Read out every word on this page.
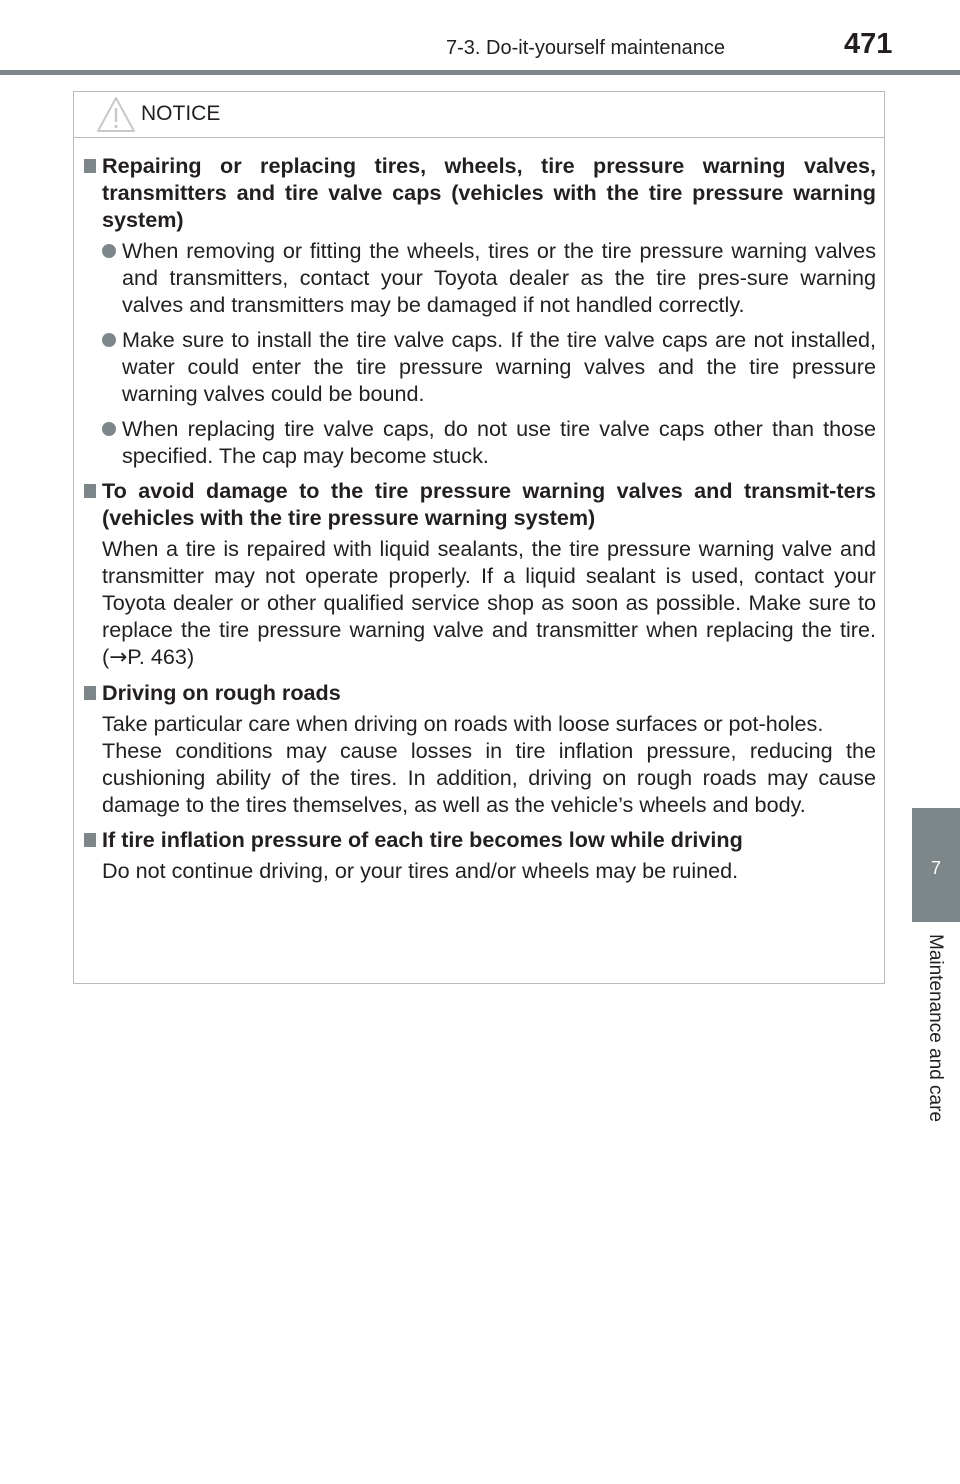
7-3. Do-it-yourself maintenance	471
7
Maintenance and care
NOTICE
Repairing or replacing tires, wheels, tire pressure warning valves, transmitters and tire valve caps (vehicles with the tire pressure warning system)
When removing or fitting the wheels, tires or the tire pressure warning valves and transmitters, contact your Toyota dealer as the tire pres-sure warning valves and transmitters may be damaged if not handled correctly.
Make sure to install the tire valve caps. If the tire valve caps are not installed, water could enter the tire pressure warning valves and the tire pressure warning valves could be bound.
When replacing tire valve caps, do not use tire valve caps other than those specified. The cap may become stuck.
To avoid damage to the tire pressure warning valves and transmit-ters (vehicles with the tire pressure warning system)
When a tire is repaired with liquid sealants, the tire pressure warning valve and transmitter may not operate properly. If a liquid sealant is used, contact your Toyota dealer or other qualified service shop as soon as possible. Make sure to replace the tire pressure warning valve and transmitter when replacing the tire. (→P. 463)
Driving on rough roads
Take particular care when driving on roads with loose surfaces or pot-holes.
These conditions may cause losses in tire inflation pressure, reducing the cushioning ability of the tires. In addition, driving on rough roads may cause damage to the tires themselves, as well as the vehicle’s wheels and body.
If tire inflation pressure of each tire becomes low while driving
Do not continue driving, or your tires and/or wheels may be ruined.
